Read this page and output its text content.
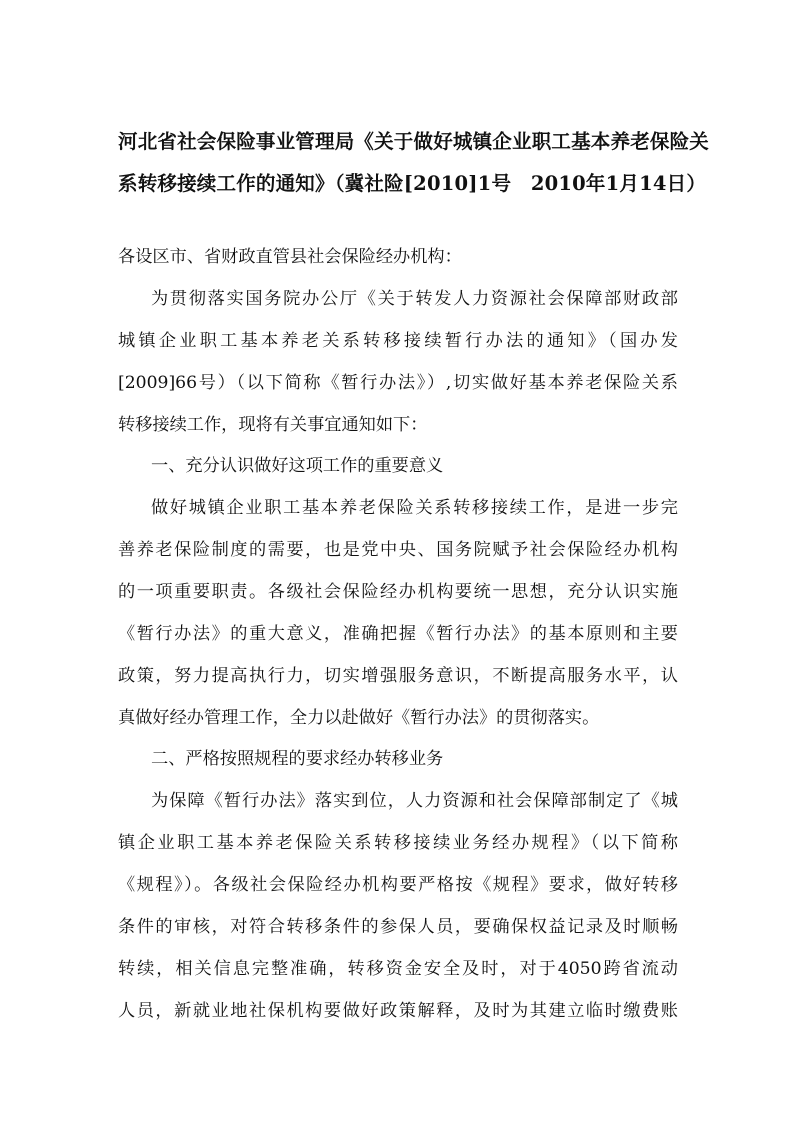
河北省社会保险事业管理局《关于做好城镇企业职工基本养老保险关
系转移接续工作的通知》（冀社险[2010]1号　2010年1月14日）
各设区市、省财政直管县社会保险经办机构：
为贯彻落实国务院办公厅《关于转发人力资源社会保障部财政部
城镇企业职工基本养老关系转移接续暂行办法的通知》（国办发
[2009]66号）（以下简称《暂行办法》）,切实做好基本养老保险关系
转移接续工作，现将有关事宜通知如下：
一、充分认识做好这项工作的重要意义
做好城镇企业职工基本养老保险关系转移接续工作，是进一步完
善养老保险制度的需要，也是党中央、国务院赋予社会保险经办机构
的一项重要职责。各级社会保险经办机构要统一思想，充分认识实施
《暂行办法》的重大意义，准确把握《暂行办法》的基本原则和主要
政策，努力提高执行力，切实增强服务意识，不断提高服务水平，认
真做好经办管理工作，全力以赴做好《暂行办法》的贯彻落实。
二、严格按照规程的要求经办转移业务
为保障《暂行办法》落实到位，人力资源和社会保障部制定了《城
镇企业职工基本养老保险关系转移接续业务经办规程》（以下简称
《规程》）。各级社会保险经办机构要严格按《规程》要求，做好转移
条件的审核，对符合转移条件的参保人员，要确保权益记录及时顺畅
转续，相关信息完整准确，转移资金安全及时，对于4050跨省流动
人员，新就业地社保机构要做好政策解释，及时为其建立临时缴费账
